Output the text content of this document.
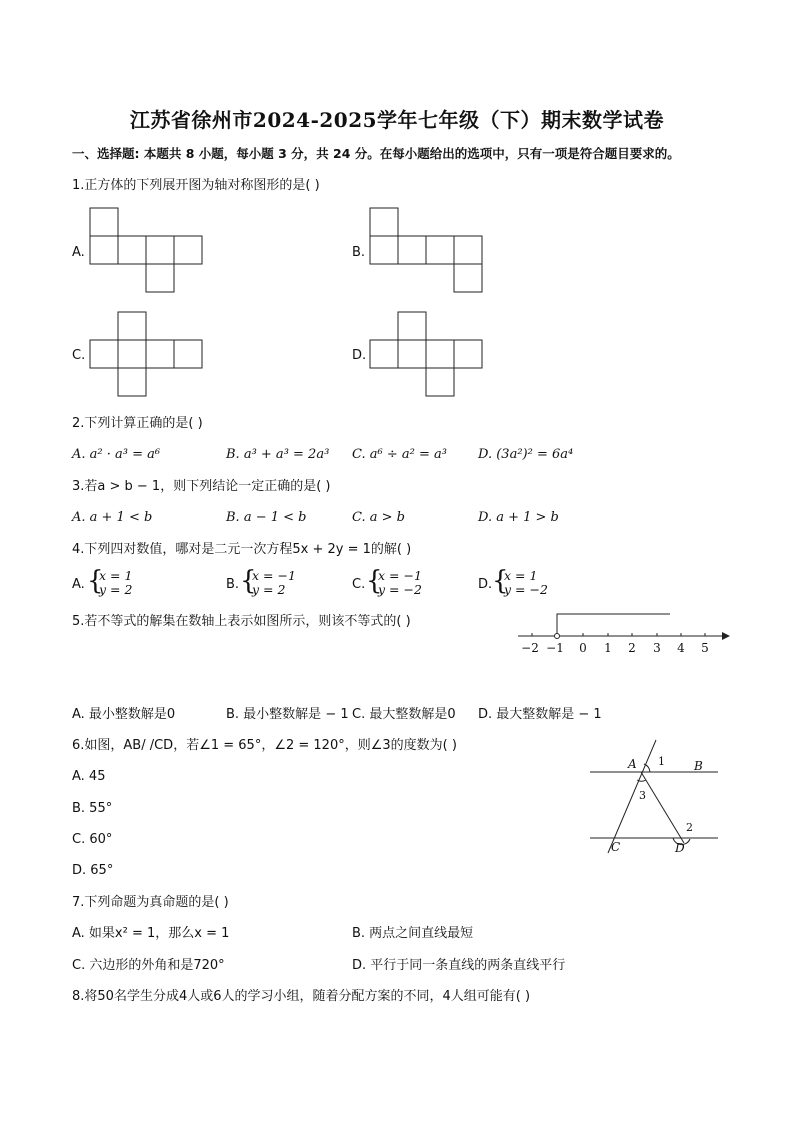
江苏省徐州市2024-2025学年七年级（下）期末数学试卷
一、选择题: 本题共 8 小题，每小题 3 分，共 24 分。在每小题给出的选项中，只有一项是符合题目要求的。
1.正方体的下列展开图为轴对称图形的是( )
A.	B.
C.	D.
2.下列计算正确的是( )
A. a² · a³ = a⁶	B. a³ + a³ = 2a³ C. a⁶ ÷ a² = a³ D. (3a²)² = 6a⁴
3.若a > b − 1，则下列结论一定正确的是( )
A. a + 1 < b	B. a − 1 < b	C. a > b	D. a + 1 > b
4.下列四对数值，哪对是二元一次方程5x + 2y = 1的解( )
A. {
x = 1
y = 2	B. {
x = −1
y = 2	C. {
x = −1
y = −2	D. {
x = 1
y = −2
5.若不等式的解集在数轴上表示如图所示，则该不等式的( )
−2 −1 0 1 2 3 4 5
A. 最小整数解是0	B. 最小整数解是 − 1 C. 最大整数解是0 D. 最大整数解是 − 1
6.如图，AB/ /CD，若∠1 = 65°，∠2 = 120°，则∠3的度数为( )
A. 45
B. 55°
C. 60°
D. 65°
A	B
C	D
1
2
3
7.下列命题为真命题的是( )
A. 如果x² = 1，那么x = 1	B. 两点之间直线最短
C. 六边形的外角和是720°	D. 平行于同一条直线的两条直线平行
8.将50名学生分成4人或6人的学习小组，随着分配方案的不同，4人组可能有( )
